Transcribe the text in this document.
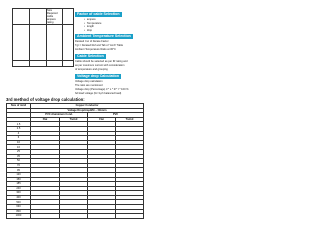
		Size Required cable ampere rating	

Factor of cable Selection
• ampere
• Temperature
• length
• drop
Ambient Temperature Selection
Derated Cur of Derate Factor
Tgt = Derated Ref and Tab of “Amb” Table
Ambient Temperature Ratio at 30°C
Cable Selection
Cable should be selected as per IR rating and
as per maximum current with consideration
of temperature and grouping
Voltage drop Calculation
Voltage drop calculation
The ratio are mentioned
Voltage drop (Percentage) 3 * L * R * I * 100 %
full load voltage (for 3-ph balanced load)
3rd method of voltage drop calculation:
Size of mm2	Copper Conductor			
	Voltage Drop/Amp/Mtr – Ohm/m			
	PVC Aluminium Cond.		PVC	
	Flat	Trefoil	Flat	Trefoil
1.5				
2.5				
4				
6				
10				
16				
25				
35				
50				
70				
95				
120				
150				
185				
240				
300				
400				
500				
630				
800				
1000				
